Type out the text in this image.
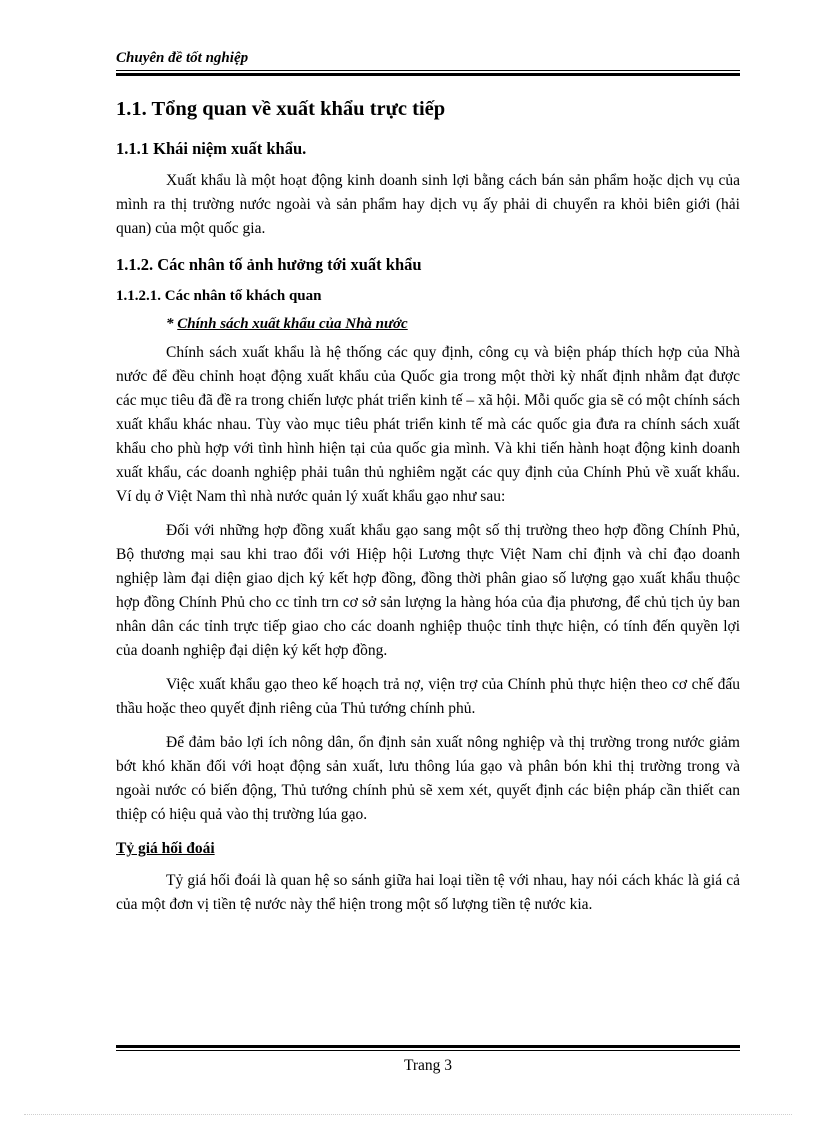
Chuyên đề tốt nghiệp
1.1. Tổng quan về xuất khẩu trực tiếp
1.1.1 Khái niệm xuất khẩu.

Xuất khẩu là một hoạt động kinh doanh sinh lợi bằng cách bán sản phẩm hoặc dịch vụ của mình ra thị trường nước ngoài và sản phẩm hay dịch vụ ấy phải di chuyển ra khỏi biên giới (hải quan) của một quốc gia.

1.1.2. Các nhân tố ảnh hưởng tới xuất khẩu
1.1.2.1. Các nhân tố khách quan
* Chính sách xuất khẩu của Nhà nước

Chính sách xuất khẩu là hệ thống các quy định, công cụ và biện pháp thích hợp của Nhà nước để đều chỉnh hoạt động xuất khẩu của Quốc gia trong một thời kỳ nhất định nhằm đạt được các mục tiêu đã đề ra trong chiến lược phát triển kinh tế – xã hội. Mỗi quốc gia sẽ có một chính sách xuất khẩu khác nhau. Tùy vào mục tiêu phát triển kinh tế mà các quốc gia đưa ra chính sách xuất khẩu cho phù hợp với tình hình hiện tại của quốc gia mình. Và khi tiến hành hoạt động kinh doanh xuất khẩu, các doanh nghiệp phải tuân thủ nghiêm ngặt các quy định của Chính Phủ về xuất khẩu. Ví dụ ở Việt Nam thì nhà nước quản lý xuất khẩu gạo như sau:

Đối với những hợp đồng xuất khẩu gạo sang một số thị trường theo hợp đồng Chính Phủ, Bộ thương mại sau khi trao đổi với Hiệp hội Lương thực Việt Nam chỉ định và chỉ đạo doanh nghiệp làm đại diện giao dịch ký kết hợp đồng, đồng thời phân giao số lượng gạo xuất khẩu thuộc hợp đồng Chính Phủ cho cc tỉnh trn cơ sở sản lượng la hàng hóa của địa phương, để chủ tịch ủy ban nhân dân các tỉnh trực tiếp giao cho các doanh nghiệp thuộc tỉnh thực hiện, có tính đến quyền lợi của doanh nghiệp đại diện ký kết hợp đồng.

Việc xuất khẩu gạo theo kế hoạch trả nợ, viện trợ của Chính phủ thực hiện theo cơ chế đấu thầu hoặc theo quyết định riêng của Thủ tướng chính phủ.

Để đảm bảo lợi ích nông dân, ổn định sản xuất nông nghiệp và thị trường trong nước giảm bớt khó khăn đối với hoạt động sản xuất, lưu thông lúa gạo và phân bón khi thị trường trong và ngoài nước có biến động, Thủ tướng chính phủ sẽ xem xét, quyết định các biện pháp cần thiết can thiệp có hiệu quả vào thị trường lúa gạo.

Tỷ giá hối đoái

Tỷ giá hối đoái là quan hệ so sánh giữa hai loại tiền tệ với nhau, hay nói cách khác là giá cả của một đơn vị tiền tệ nước này thể hiện trong một số lượng tiền tệ nước kia.

Trang 3
